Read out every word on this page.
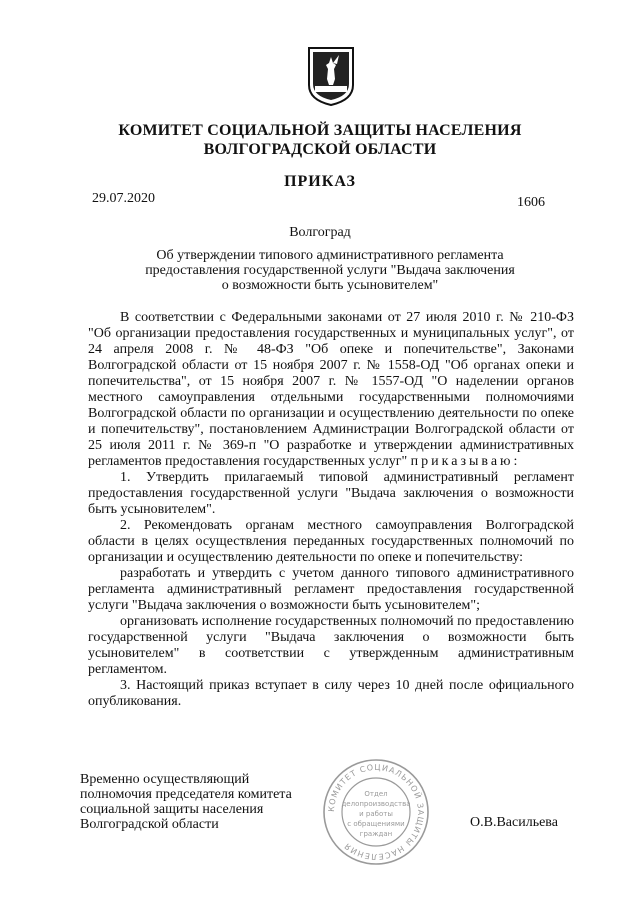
КОМИТЕТ СОЦИАЛЬНОЙ ЗАЩИТЫ НАСЕЛЕНИЯ
ВОЛГОГРАДСКОЙ ОБЛАСТИ
ПРИКАЗ
29.07.2020	1606
Волгоград
Об утверждении типового административного регламента
предоставления государственной услуги "Выдача заключения
о возможности быть усыновителем"

В соответствии с Федеральными законами от 27 июля 2010 г. № 210-ФЗ "Об организации предоставления государственных и муниципальных услуг", от 24 апреля 2008 г. № 48-ФЗ "Об опеке и попечительстве", Законами Волгоградской области от 15 ноября 2007 г. № 1558-ОД "Об органах опеки и попечительства", от 15 ноября 2007 г. № 1557-ОД "О наделении органов местного самоуправления отдельными государственными полномочиями Волгоградской области по организации и осуществлению деятельности по опеке и попечительству", постановлением Администрации Волгоградской области от 25 июля 2011 г. № 369-п "О разработке и утверждении административных регламентов предоставления государственных услуг" приказываю:

1. Утвердить прилагаемый типовой административный регламент предоставления государственной услуги "Выдача заключения о возможности быть усыновителем".

2. Рекомендовать органам местного самоуправления Волгоградской области в целях осуществления переданных государственных полномочий по организации и осуществлению деятельности по опеке и попечительству:

разработать и утвердить с учетом данного типового административного регламента административный регламент предоставления государственной услуги "Выдача заключения о возможности быть усыновителем";

организовать исполнение государственных полномочий по предоставлению государственной услуги "Выдача заключения о возможности быть усыновителем" в соответствии с утвержденным административным регламентом.

3. Настоящий приказ вступает в силу через 10 дней после официального опубликования.

Временно осуществляющий
полномочия председателя комитета
социальной защиты населения
Волгоградской области
КОМИТЕТ СОЦИАЛЬНОЙ ЗАЩИТЫ НАСЕЛЕНИЯ
Отдел
делопроизводства
и работы
с обращениями
граждан
О.В.Васильева
